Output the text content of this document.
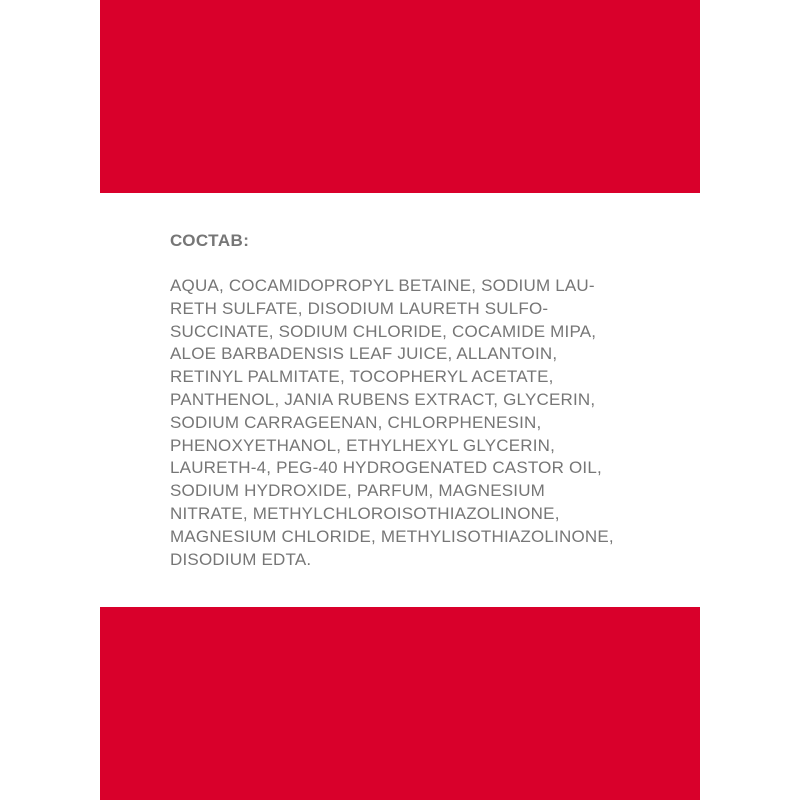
СОСТАВ:
AQUA, COCAMIDOPROPYL BETAINE, SODIUM LAU-
RETH SULFATE, DISODIUM LAURETH SULFO-
SUCCINATE, SODIUM CHLORIDE, COCAMIDE MIPA,
ALOE BARBADENSIS LEAF JUICE, ALLANTOIN,
RETINYL PALMITATE, TOCOPHERYL ACETATE,
PANTHENOL, JANIA RUBENS EXTRACT, GLYCERIN,
SODIUM CARRAGEENAN, CHLORPHENESIN,
PHENOXYETHANOL, ETHYLHEXYL GLYCERIN,
LAURETH-4, PEG-40 HYDROGENATED CASTOR OIL,
SODIUM HYDROXIDE, PARFUM, MAGNESIUM
NITRATE, METHYLCHLOROISOTHIAZOLINONE,
MAGNESIUM CHLORIDE, METHYLISOTHIAZOLINONE,
DISODIUM EDTA.
